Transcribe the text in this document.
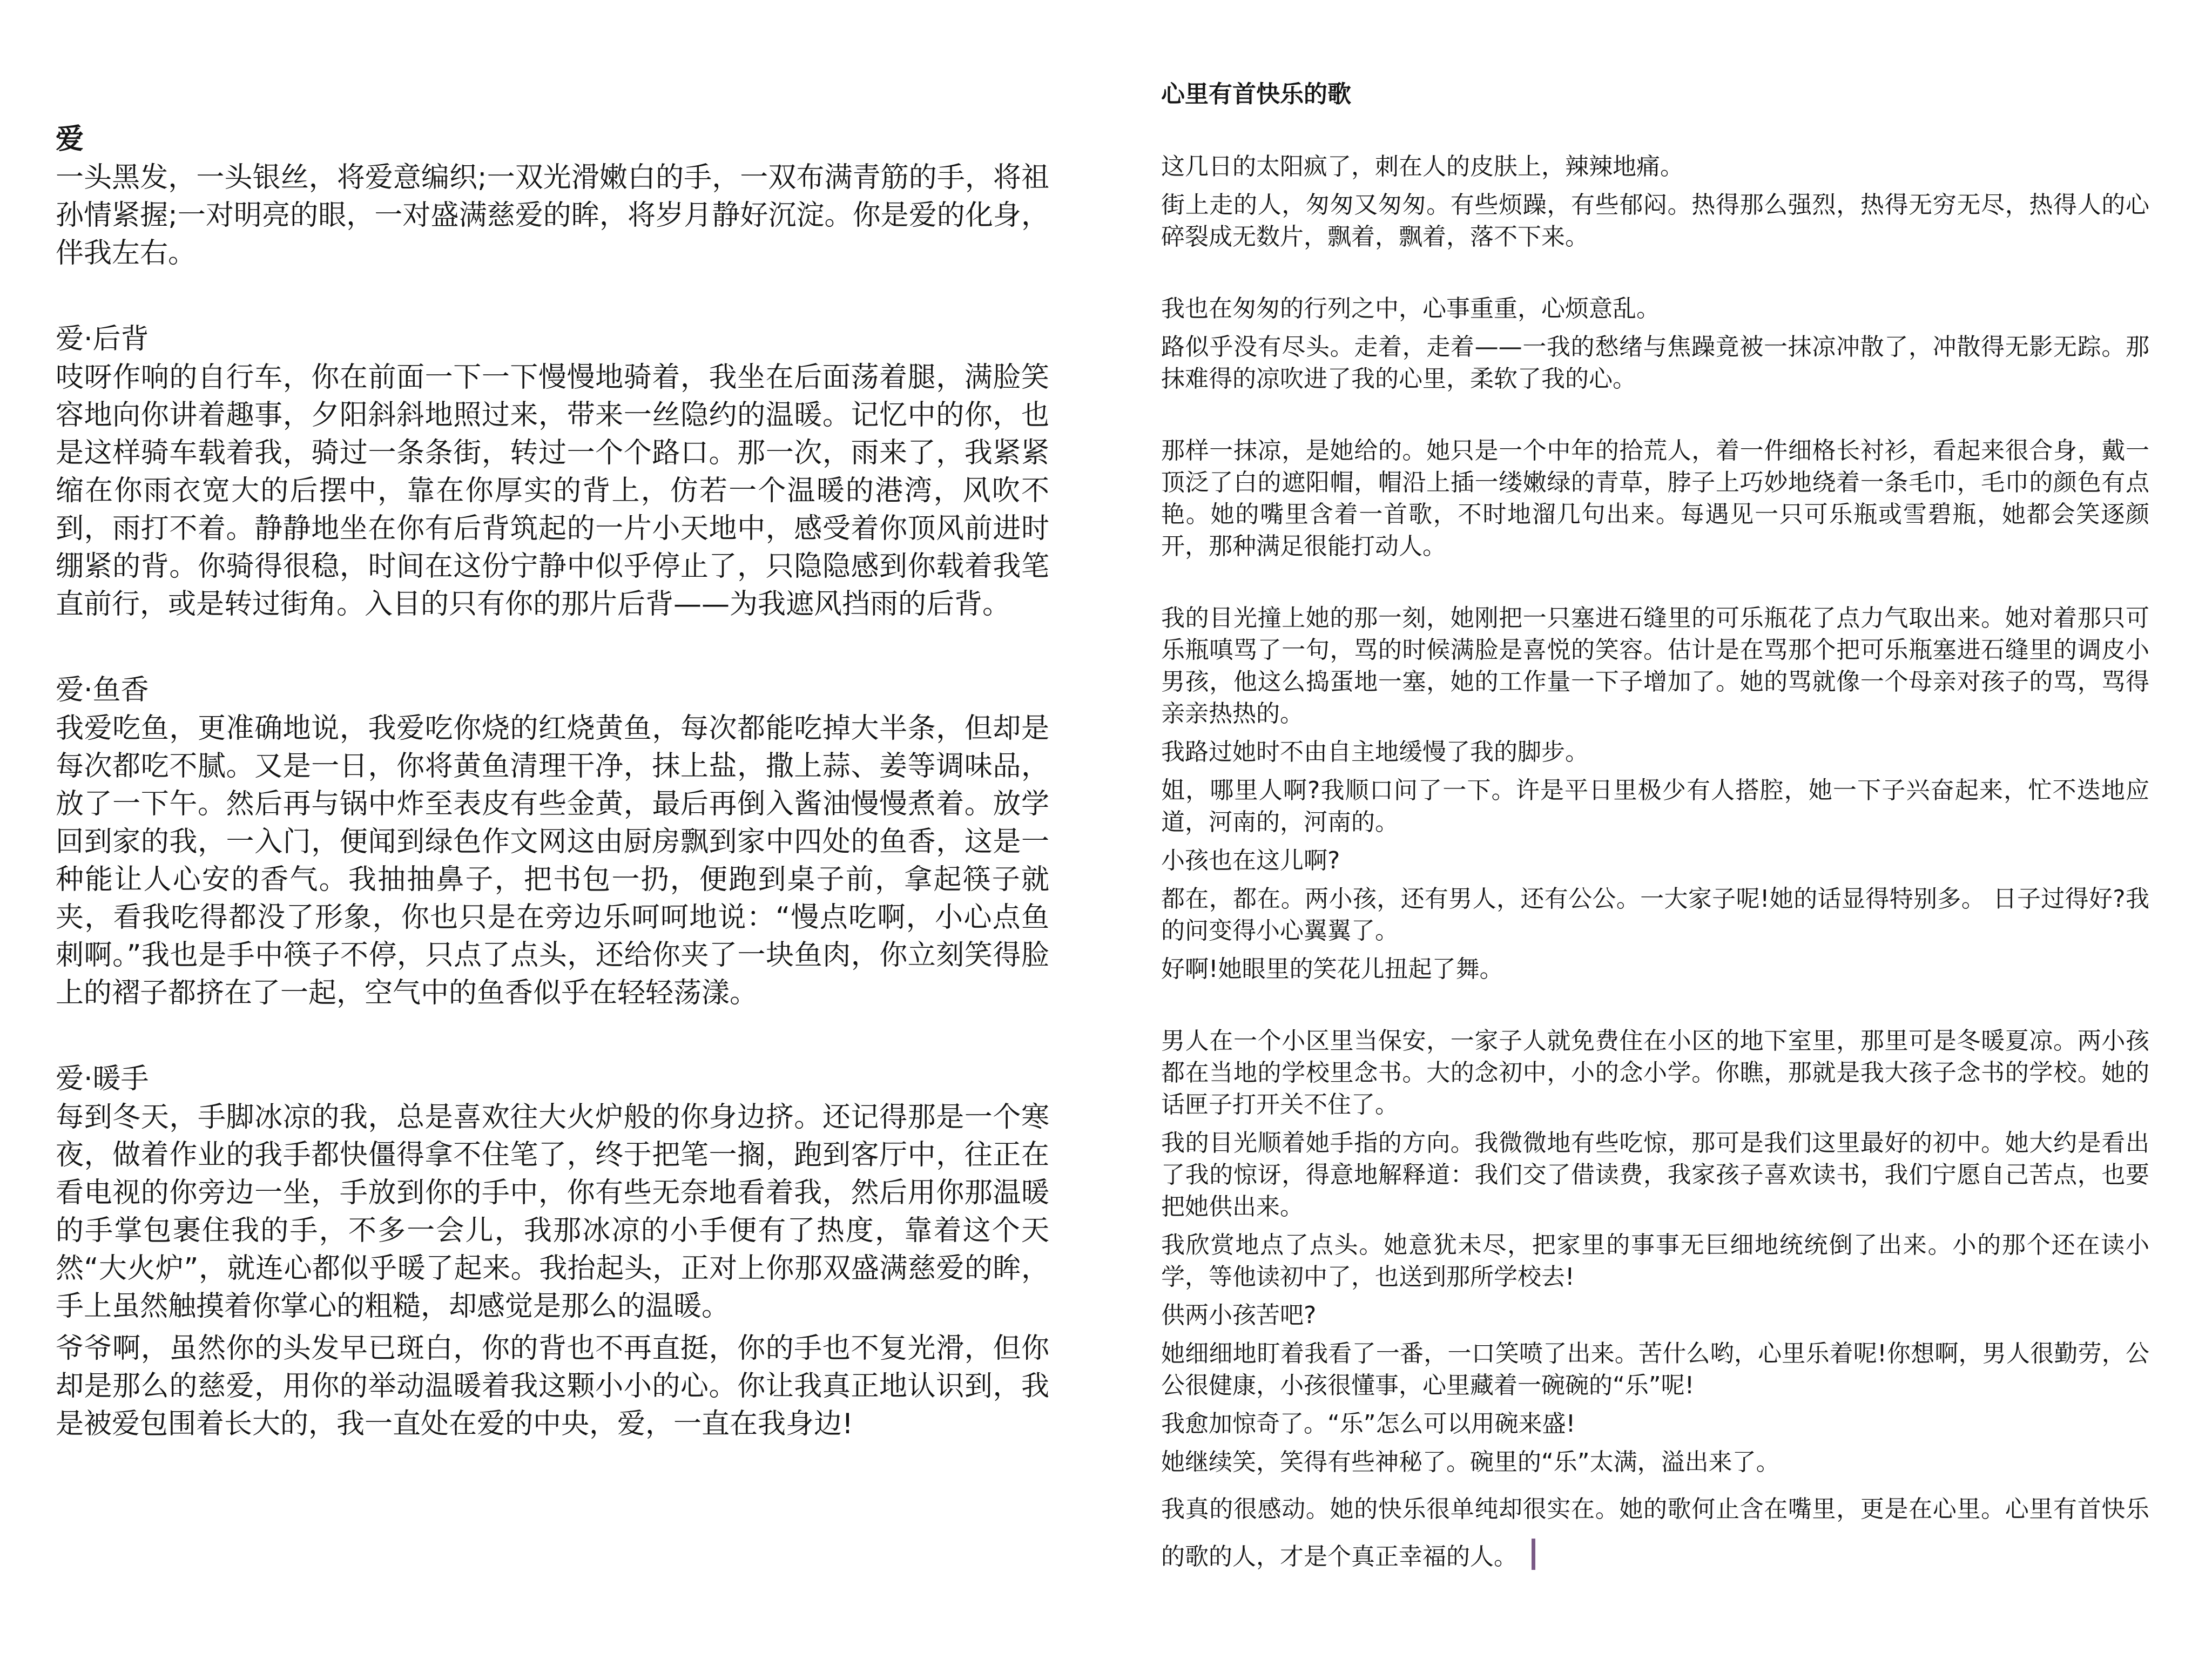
爱

一头黑发，一头银丝，将爱意编织;一双光滑嫩白的手，一双布满青筋的手，将祖孙情紧握;一对明亮的眼，一对盛满慈爱的眸，将岁月静好沉淀。你是爱的化身，伴我左右。

爱·后背

吱呀作响的自行车，你在前面一下一下慢慢地骑着，我坐在后面荡着腿，满脸笑容地向你讲着趣事，夕阳斜斜地照过来，带来一丝隐约的温暖。记忆中的你，也是这样骑车载着我，骑过一条条街，转过一个个路口。那一次，雨来了，我紧紧缩在你雨衣宽大的后摆中，靠在你厚实的背上，仿若一个温暖的港湾，风吹不到，雨打不着。静静地坐在你有后背筑起的一片小天地中，感受着你顶风前进时绷紧的背。你骑得很稳，时间在这份宁静中似乎停止了，只隐隐感到你载着我笔直前行，或是转过街角。入目的只有你的那片后背——为我遮风挡雨的后背。

爱·鱼香

我爱吃鱼，更准确地说，我爱吃你烧的红烧黄鱼，每次都能吃掉大半条，但却是每次都吃不腻。又是一日，你将黄鱼清理干净，抹上盐，撒上蒜、姜等调味品，放了一下午。然后再与锅中炸至表皮有些金黄，最后再倒入酱油慢慢煮着。放学回到家的我，一入门，便闻到绿色作文网这由厨房飘到家中四处的鱼香，这是一种能让人心安的香气。我抽抽鼻子，把书包一扔，便跑到桌子前，拿起筷子就夹，看我吃得都没了形象，你也只是在旁边乐呵呵地说：“慢点吃啊，小心点鱼刺啊。”我也是手中筷子不停，只点了点头，还给你夹了一块鱼肉，你立刻笑得脸上的褶子都挤在了一起，空气中的鱼香似乎在轻轻荡漾。

爱·暖手

每到冬天，手脚冰凉的我，总是喜欢往大火炉般的你身边挤。还记得那是一个寒夜，做着作业的我手都快僵得拿不住笔了，终于把笔一搁，跑到客厅中，往正在看电视的你旁边一坐，手放到你的手中，你有些无奈地看着我，然后用你那温暖的手掌包裹住我的手，不多一会儿，我那冰凉的小手便有了热度，靠着这个天然“大火炉”，就连心都似乎暖了起来。我抬起头，正对上你那双盛满慈爱的眸，手上虽然触摸着你掌心的粗糙，却感觉是那么的温暖。

爷爷啊，虽然你的头发早已斑白，你的背也不再直挺，你的手也不复光滑，但你却是那么的慈爱，用你的举动温暖着我这颗小小的心。你让我真正地认识到，我是被爱包围着长大的，我一直处在爱的中央，爱，一直在我身边!

心里有首快乐的歌

这几日的太阳疯了，刺在人的皮肤上，辣辣地痛。

街上走的人，匆匆又匆匆。有些烦躁，有些郁闷。热得那么强烈，热得无穷无尽，热得人的心碎裂成无数片，飘着，飘着，落不下来。

我也在匆匆的行列之中，心事重重，心烦意乱。

路似乎没有尽头。走着，走着——一我的愁绪与焦躁竟被一抹凉冲散了，冲散得无影无踪。那抹难得的凉吹进了我的心里，柔软了我的心。

那样一抹凉，是她给的。她只是一个中年的拾荒人，着一件细格长衬衫，看起来很合身，戴一顶泛了白的遮阳帽，帽沿上插一缕嫩绿的青草，脖子上巧妙地绕着一条毛巾，毛巾的颜色有点艳。她的嘴里含着一首歌，不时地溜几句出来。每遇见一只可乐瓶或雪碧瓶，她都会笑逐颜开，那种满足很能打动人。

我的目光撞上她的那一刻，她刚把一只塞进石缝里的可乐瓶花了点力气取出来。她对着那只可乐瓶嗔骂了一句，骂的时候满脸是喜悦的笑容。估计是在骂那个把可乐瓶塞进石缝里的调皮小男孩，他这么捣蛋地一塞，她的工作量一下子增加了。她的骂就像一个母亲对孩子的骂，骂得亲亲热热的。

我路过她时不由自主地缓慢了我的脚步。

姐，哪里人啊?我顺口问了一下。许是平日里极少有人搭腔，她一下子兴奋起来，忙不迭地应道，河南的，河南的。

小孩也在这儿啊?

都在，都在。两小孩，还有男人，还有公公。一大家子呢!她的话显得特别多。 日子过得好?我的问变得小心翼翼了。

好啊!她眼里的笑花儿扭起了舞。

男人在一个小区里当保安，一家子人就免费住在小区的地下室里，那里可是冬暖夏凉。两小孩都在当地的学校里念书。大的念初中，小的念小学。你瞧，那就是我大孩子念书的学校。她的话匣子打开关不住了。

我的目光顺着她手指的方向。我微微地有些吃惊，那可是我们这里最好的初中。她大约是看出了我的惊讶，得意地解释道：我们交了借读费，我家孩子喜欢读书，我们宁愿自己苦点，也要把她供出来。

我欣赏地点了点头。她意犹未尽，把家里的事事无巨细地统统倒了出来。小的那个还在读小学，等他读初中了，也送到那所学校去!

供两小孩苦吧?

她细细地盯着我看了一番，一口笑喷了出来。苦什么哟，心里乐着呢!你想啊，男人很勤劳，公公很健康，小孩很懂事，心里藏着一碗碗的“乐”呢!

我愈加惊奇了。“乐”怎么可以用碗来盛!

她继续笑，笑得有些神秘了。碗里的“乐”太满，溢出来了。

我真的很感动。她的快乐很单纯却很实在。她的歌何止含在嘴里，更是在心里。心里有首快乐的歌的人，才是个真正幸福的人。
